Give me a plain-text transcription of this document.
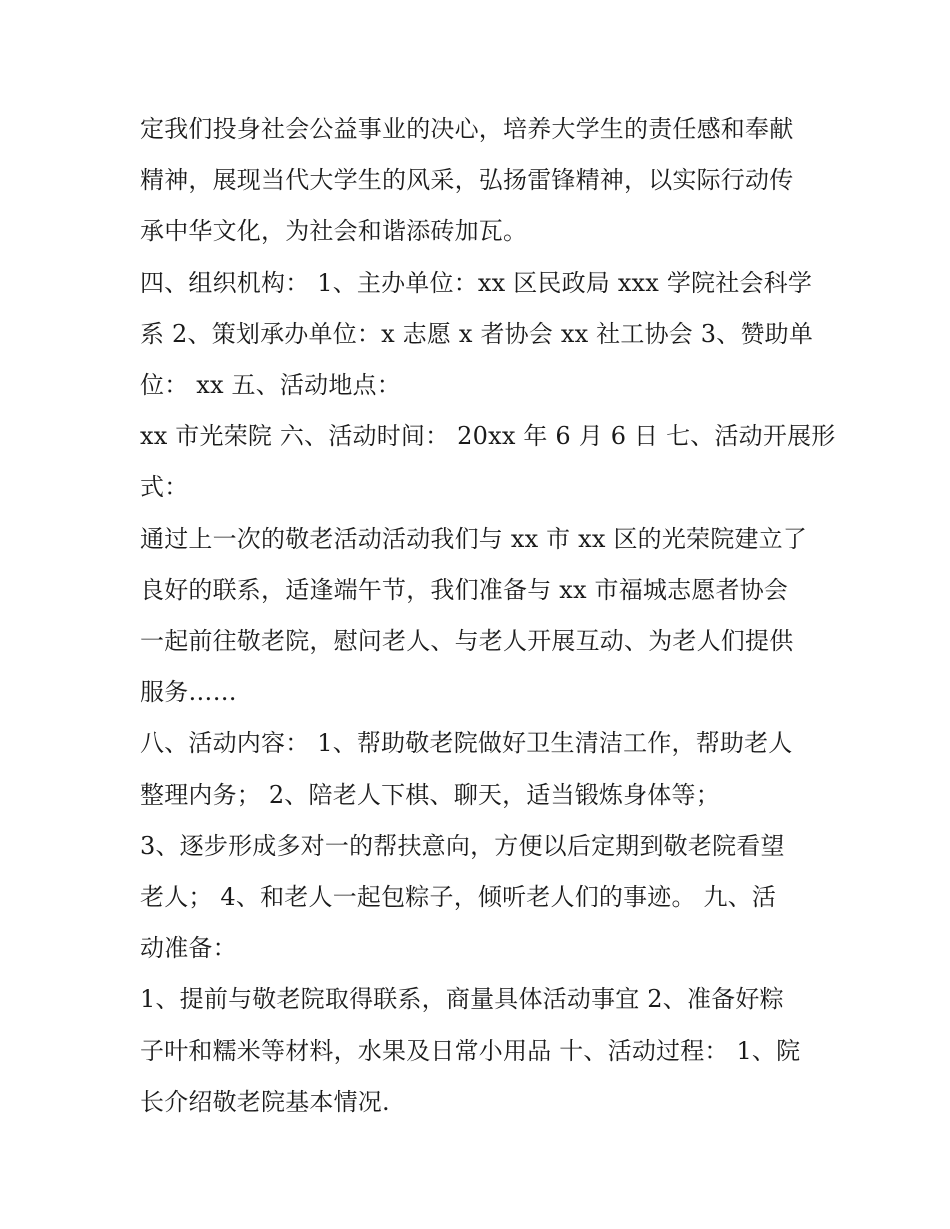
定我们投身社会公益事业的决心，培养大学生的责任感和奉献

精神，展现当代大学生的风采，弘扬雷锋精神，以实际行动传

承中华文化，为社会和谐添砖加瓦。

四、组织机构： 1、主办单位：xx 区民政局 xxx 学院社会科学

系 2、策划承办单位：x 志愿 x 者协会 xx 社工协会 3、赞助单

位： xx 五、活动地点：

xx 市光荣院 六、活动时间： 20xx 年 6 月 6 日 七、活动开展形

式：

通过上一次的敬老活动活动我们与 xx 市 xx 区的光荣院建立了

良好的联系，适逢端午节，我们准备与 xx 市福城志愿者协会

一起前往敬老院，慰问老人、与老人开展互动、为老人们提供

服务……

八、活动内容： 1、帮助敬老院做好卫生清洁工作，帮助老人

整理内务； 2、陪老人下棋、聊天，适当锻炼身体等；

3、逐步形成多对一的帮扶意向，方便以后定期到敬老院看望

老人； 4、和老人一起包粽子，倾听老人们的事迹。 九、活

动准备：

1、提前与敬老院取得联系，商量具体活动事宜 2、准备好粽

子叶和糯米等材料，水果及日常小用品 十、活动过程： 1、院

长介绍敬老院基本情况.
